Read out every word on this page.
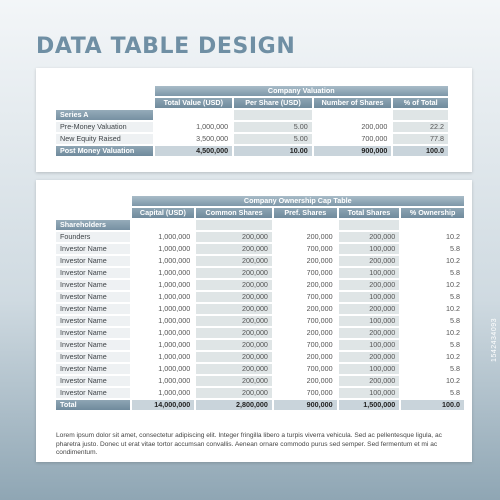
DATA TABLE DESIGN
	Company Valuation			
	Total Value (USD)	Per Share (USD)	Number of Shares	% of Total
Series A				
Pre-Money Valuation	1,000,000	5.00	200,000	22.2
New Equity Raised	3,500,000	5.00	700,000	77.8
Post Money Valuation	4,500,000	10.00	900,000	100.0
	Company Ownership Cap Table				
	Capital (USD)	Common Shares	Pref. Shares	Total Shares	% Ownership
Shareholders					
Founders	1,000,000	200,000	200,000	200,000	10.2
Investor Name	1,000,000	200,000	700,000	100,000	5.8
Investor Name	1,000,000	200,000	200,000	200,000	10.2
Investor Name	1,000,000	200,000	700,000	100,000	5.8
Investor Name	1,000,000	200,000	200,000	200,000	10.2
Investor Name	1,000,000	200,000	700,000	100,000	5.8
Investor Name	1,000,000	200,000	200,000	200,000	10.2
Investor Name	1,000,000	200,000	700,000	100,000	5.8
Investor Name	1,000,000	200,000	200,000	200,000	10.2
Investor Name	1,000,000	200,000	700,000	100,000	5.8
Investor Name	1,000,000	200,000	200,000	200,000	10.2
Investor Name	1,000,000	200,000	700,000	100,000	5.8
Investor Name	1,000,000	200,000	200,000	200,000	10.2
Investor Name	1,000,000	200,000	700,000	100,000	5.8
Total	14,000,000	2,800,000	900,000	1,500,000	100.0
Lorem ipsum dolor sit amet, consectetur adipiscing elit. Integer fringilla libero a turpis viverra vehicula. Sed ac pellentesque ligula, ac pharetra justo. Donec ut erat vitae tortor accumsan convallis. Aenean ornare commodo purus sed semper. Sed fermentum et mi ac condimentum.
1542434093
